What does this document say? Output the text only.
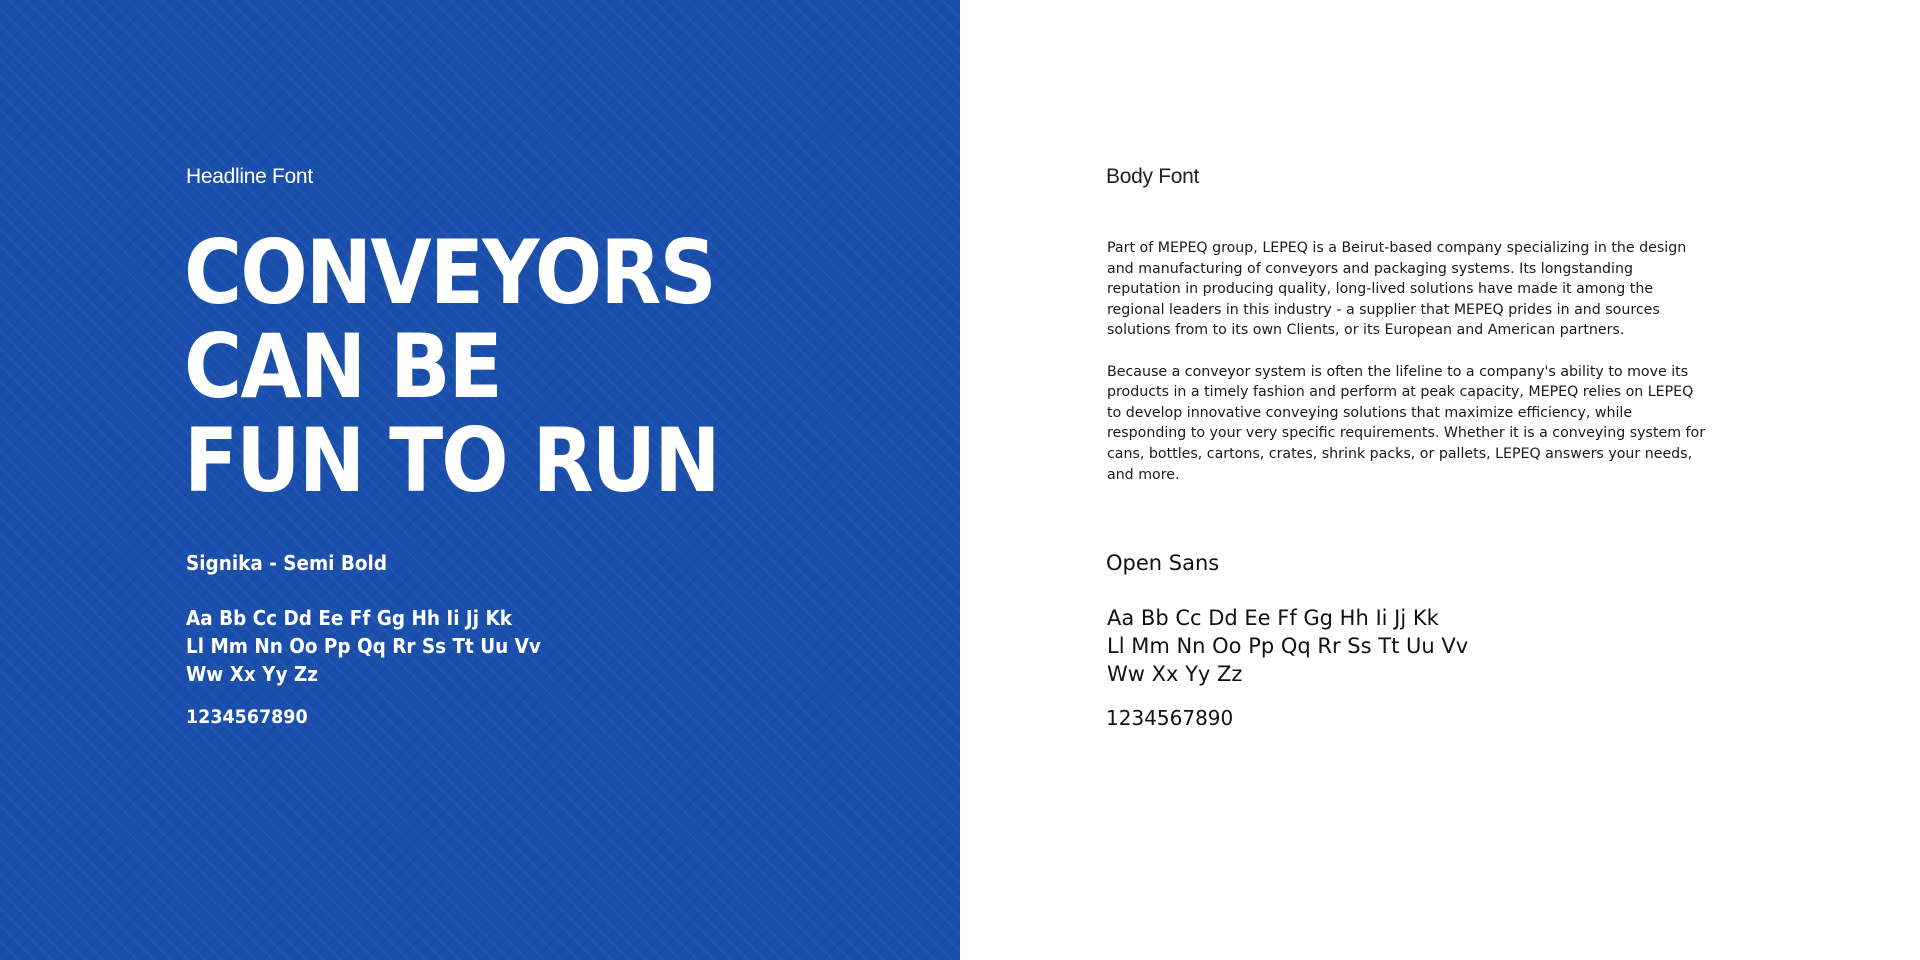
Headline Font
CONVEYORS
CAN BE
FUN TO RUN
Signika - Semi Bold
Aa Bb Cc Dd Ee Ff Gg Hh Ii Jj Kk
Ll Mm Nn Oo Pp Qq Rr Ss Tt Uu Vv
Ww Xx Yy Zz
1234567890
Body Font

Part of MEPEQ group, LEPEQ is a Beirut-based company specializing in the design
and manufacturing of conveyors and packaging systems. Its longstanding
reputation in producing quality, long-lived solutions have made it among the
regional leaders in this industry - a supplier that MEPEQ prides in and sources
solutions from to its own Clients, or its European and American partners.

Because a conveyor system is often the lifeline to a company's ability to move its
products in a timely fashion and perform at peak capacity, MEPEQ relies on LEPEQ
to develop innovative conveying solutions that maximize efficiency, while
responding to your very specific requirements. Whether it is a conveying system for
cans, bottles, cartons, crates, shrink packs, or pallets, LEPEQ answers your needs,
and more.

Open Sans
Aa Bb Cc Dd Ee Ff Gg Hh Ii Jj Kk
Ll Mm Nn Oo Pp Qq Rr Ss Tt Uu Vv
Ww Xx Yy Zz
1234567890
